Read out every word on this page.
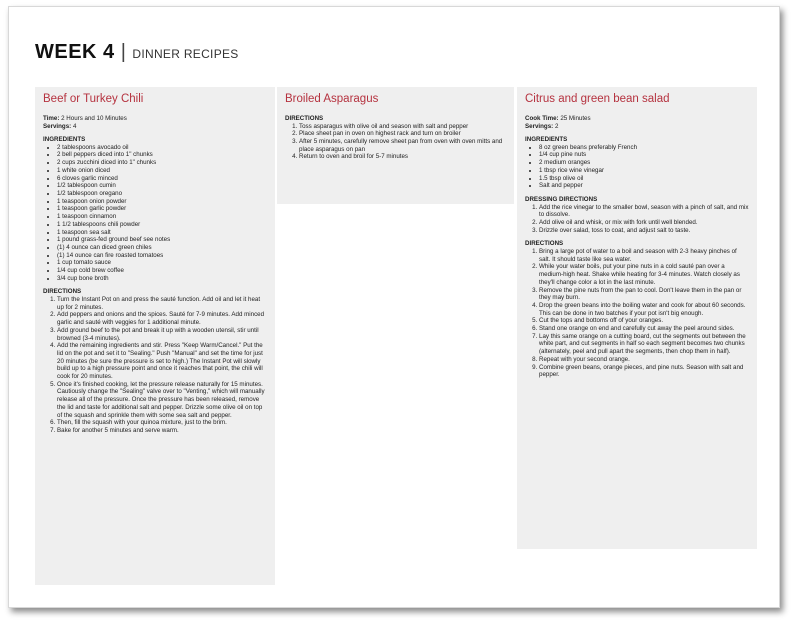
WEEK 4 | DINNER RECIPES
Beef or Turkey Chili
Time: 2 Hours and 10 Minutes
Servings: 4
INGREDIENTS
• 2 tablespoons avocado oil
• 2 bell peppers diced into 1" chunks
• 2 cups zucchini diced into 1" chunks
• 1 white onion diced
• 6 cloves garlic minced
• 1/2 tablespoon cumin
• 1/2 tablespoon oregano
• 1 teaspoon onion powder
• 1 teaspoon garlic powder
• 1 teaspoon cinnamon
• 1 1/2 tablespoons chili powder
• 1 teaspoon sea salt
• 1 pound grass-fed ground beef see notes
• (1) 4 ounce can diced green chiles
• (1) 14 ounce can fire roasted tomatoes
• 1 cup tomato sauce
• 1/4 cup cold brew coffee
• 3/4 cup bone broth
DIRECTIONS
1. Turn the Instant Pot on and press the sauté function. Add oil and let it heat up for 2 minutes.
2. Add peppers and onions and the spices. Sauté for 7-9 minutes. Add minced garlic and sauté with veggies for 1 additional minute.
3. Add ground beef to the pot and break it up with a wooden utensil, stir until browned (3-4 minutes).
4. Add the remaining ingredients and stir. Press "Keep Warm/Cancel." Put the lid on the pot and set it to "Sealing." Push "Manual" and set the time for just 20 minutes (be sure the pressure is set to high.) The Instant Pot will slowly build up to a high pressure point and once it reaches that point, the chili will cook for 20 minutes.
5. Once it's finished cooking, let the pressure release naturally for 15 minutes. Cautiously change the "Sealing" valve over to "Venting," which will manually release all of the pressure. Once the pressure has been released, remove the lid and taste for additional salt and pepper. Drizzle some olive oil on top of the squash and sprinkle them with some sea salt and pepper.
6. Then, fill the squash with your quinoa mixture, just to the brim.
7. Bake for another 5 minutes and serve warm.
Broiled Asparagus
DIRECTIONS
1. Toss asparagus with olive oil and season with salt and pepper
2. Place sheet pan in oven on highest rack and turn on broiler
3. After 5 minutes, carefully remove sheet pan from oven with oven mitts and place asparagus on pan
4. Return to oven and broil for 5-7 minutes
Citrus and green bean salad
Cook Time: 25 Minutes
Servings: 2
INGREDIENTS
• 8 oz green beans preferably French
• 1/4 cup pine nuts
• 2 medium oranges
• 1 tbsp rice wine vinegar
• 1.5 tbsp olive oil
• Salt and pepper
DRESSING DIRECTIONS
1. Add the rice vinegar to the smaller bowl, season with a pinch of salt, and mix to dissolve.
2. Add olive oil and whisk, or mix with fork until well blended.
3. Drizzle over salad, toss to coat, and adjust salt to taste.
DIRECTIONS
1. Bring a large pot of water to a boil and season with 2-3 heavy pinches of salt. It should taste like sea water.
2. While your water boils, put your pine nuts in a cold sauté pan over a medium-high heat. Shake while heating for 3-4 minutes. Watch closely as they'll change color a lot in the last minute.
3. Remove the pine nuts from the pan to cool. Don't leave them in the pan or they may burn.
4. Drop the green beans into the boiling water and cook for about 60 seconds. This can be done in two batches if your pot isn't big enough.
5. Cut the tops and bottoms off of your oranges.
6. Stand one orange on end and carefully cut away the peel around sides.
7. Lay this same orange on a cutting board, cut the segments out between the white part, and cut segments in half so each segment becomes two chunks (alternately, peel and pull apart the segments, then chop them in half).
8. Repeat with your second orange.
9. Combine green beans, orange pieces, and pine nuts. Season with salt and pepper.
